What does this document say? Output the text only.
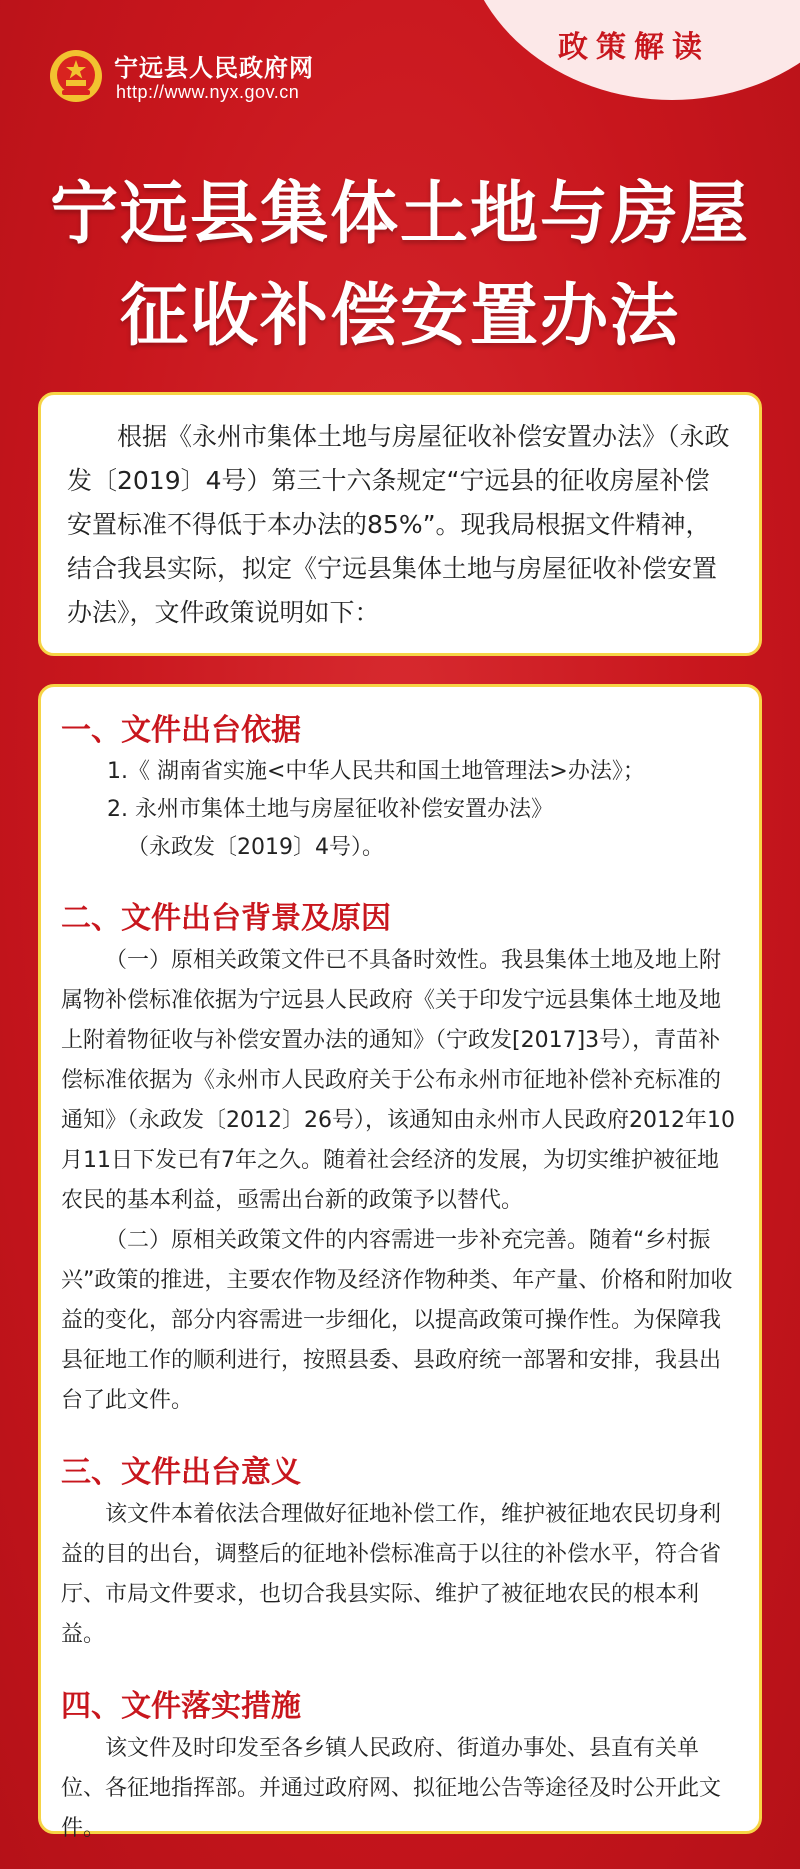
政策解读
宁远县人民政府网
http://www.nyx.gov.cn
宁远县集体土地与房屋
征收补偿安置办法

根据《永州市集体土地与房屋征收补偿安置办法》（永政发〔2019〕4号）第三十六条规定“宁远县的征收房屋补偿安置标准不得低于本办法的85%”。现我局根据文件精神，结合我县实际，拟定《宁远县集体土地与房屋征收补偿安置办法》，文件政策说明如下：

一、文件出台依据

1.《 湖南省实施<中华人民共和国土地管理法>办法》；

2. 永州市集体土地与房屋征收补偿安置办法》

（永政发〔2019〕4号）。

二、文件出台背景及原因

（一）原相关政策文件已不具备时效性。我县集体土地及地上附属物补偿标准依据为宁远县人民政府《关于印发宁远县集体土地及地上附着物征收与补偿安置办法的通知》（宁政发[2017]3号），青苗补偿标准依据为《永州市人民政府关于公布永州市征地补偿补充标准的通知》（永政发〔2012〕26号），该通知由永州市人民政府2012年10月11日下发已有7年之久。随着社会经济的发展，为切实维护被征地农民的基本利益，亟需出台新的政策予以替代。

（二）原相关政策文件的内容需进一步补充完善。随着“乡村振兴”政策的推进，主要农作物及经济作物种类、年产量、价格和附加收益的变化，部分内容需进一步细化，以提高政策可操作性。为保障我县征地工作的顺利进行，按照县委、县政府统一部署和安排，我县出台了此文件。

三、文件出台意义

该文件本着依法合理做好征地补偿工作，维护被征地农民切身利益的目的出台，调整后的征地补偿标准高于以往的补偿水平，符合省厅、市局文件要求，也切合我县实际、维护了被征地农民的根本利益。

四、文件落实措施

该文件及时印发至各乡镇人民政府、街道办事处、县直有关单位、各征地指挥部。并通过政府网、拟征地公告等途径及时公开此文件。
